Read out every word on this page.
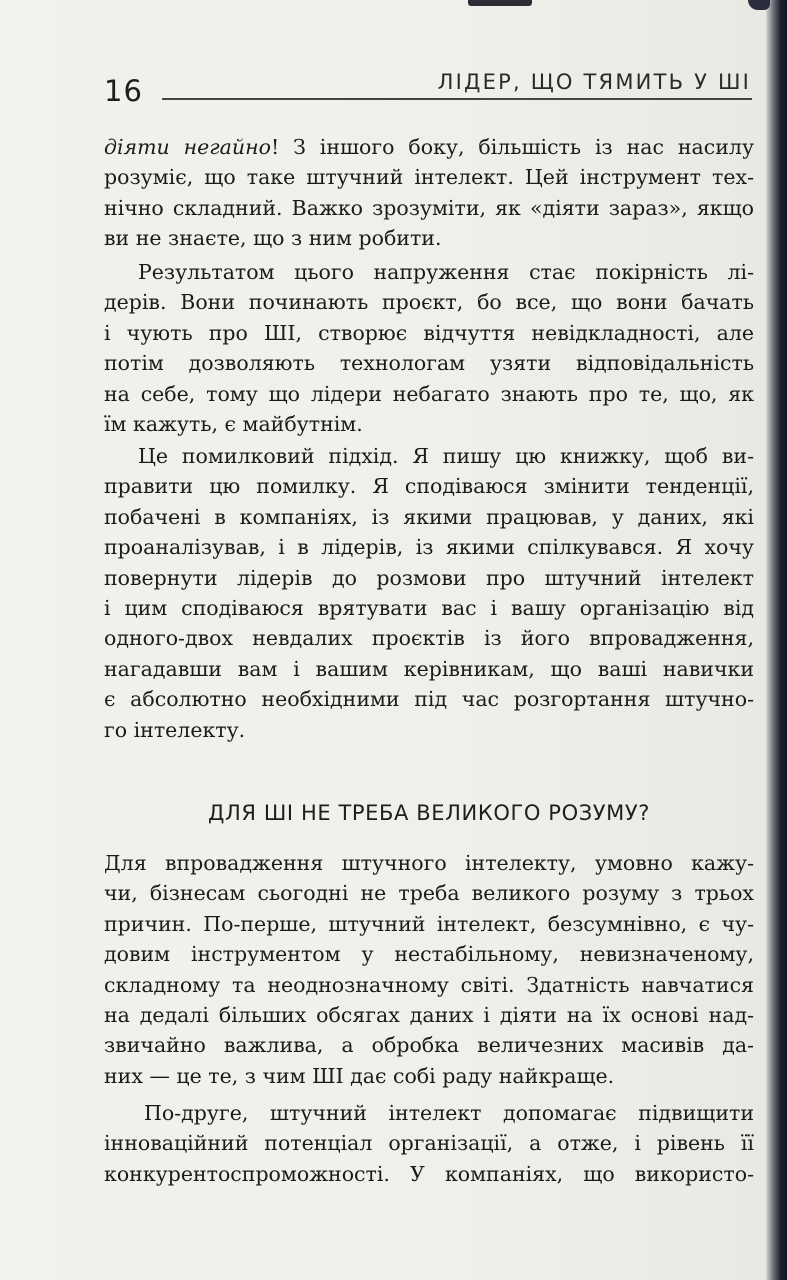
16	ЛІДЕР, ЩО ТЯМИТЬ У ШІ

діяти негайно! З іншого боку, більшість із нас насилу
розуміє, що таке штучний інтелект. Цей інструмент тех-
нічно складний. Важко зрозуміти, як «діяти зараз», якщо
ви не знаєте, що з ним робити.

Результатом цього напруження стає покірність лі-
дерів. Вони починають проєкт, бо все, що вони бачать
і чують про ШІ, створює відчуття невідкладності, але
потім дозволяють технологам узяти відповідальність
на себе, тому що лідери небагато знають про те, що, як
їм кажуть, є майбутнім.

Це помилковий підхід. Я пишу цю книжку, щоб ви-
правити цю помилку. Я сподіваюся змінити тенденції,
побачені в компаніях, із якими працював, у даних, які
проаналізував, і в лідерів, із якими спілкувався. Я хочу
повернути лідерів до розмови про штучний інтелект
і цим сподіваюся врятувати вас і вашу організацію від
одного-двох невдалих проєктів із його впровадження,
нагадавши вам і вашим керівникам, що ваші навички
є абсолютно необхідними під час розгортання штучно-
го інтелекту.

ДЛЯ ШІ НЕ ТРЕБА ВЕЛИКОГО РОЗУМУ?

Для впровадження штучного інтелекту, умовно кажу-
чи, бізнесам сьогодні не треба великого розуму з трьох
причин. По-перше, штучний інтелект, безсумнівно, є чу-
довим інструментом у нестабільному, невизначеному,
складному та неоднозначному світі. Здатність навчатися
на дедалі більших обсягах даних і діяти на їх основі над-
звичайно важлива, а обробка величезних масивів да-
них — це те, з чим ШІ дає собі раду найкраще.

По-друге, штучний інтелект допомагає підвищити
інноваційний потенціал організації, а отже, і рівень її
конкурентоспроможності. У компаніях, що використо-
